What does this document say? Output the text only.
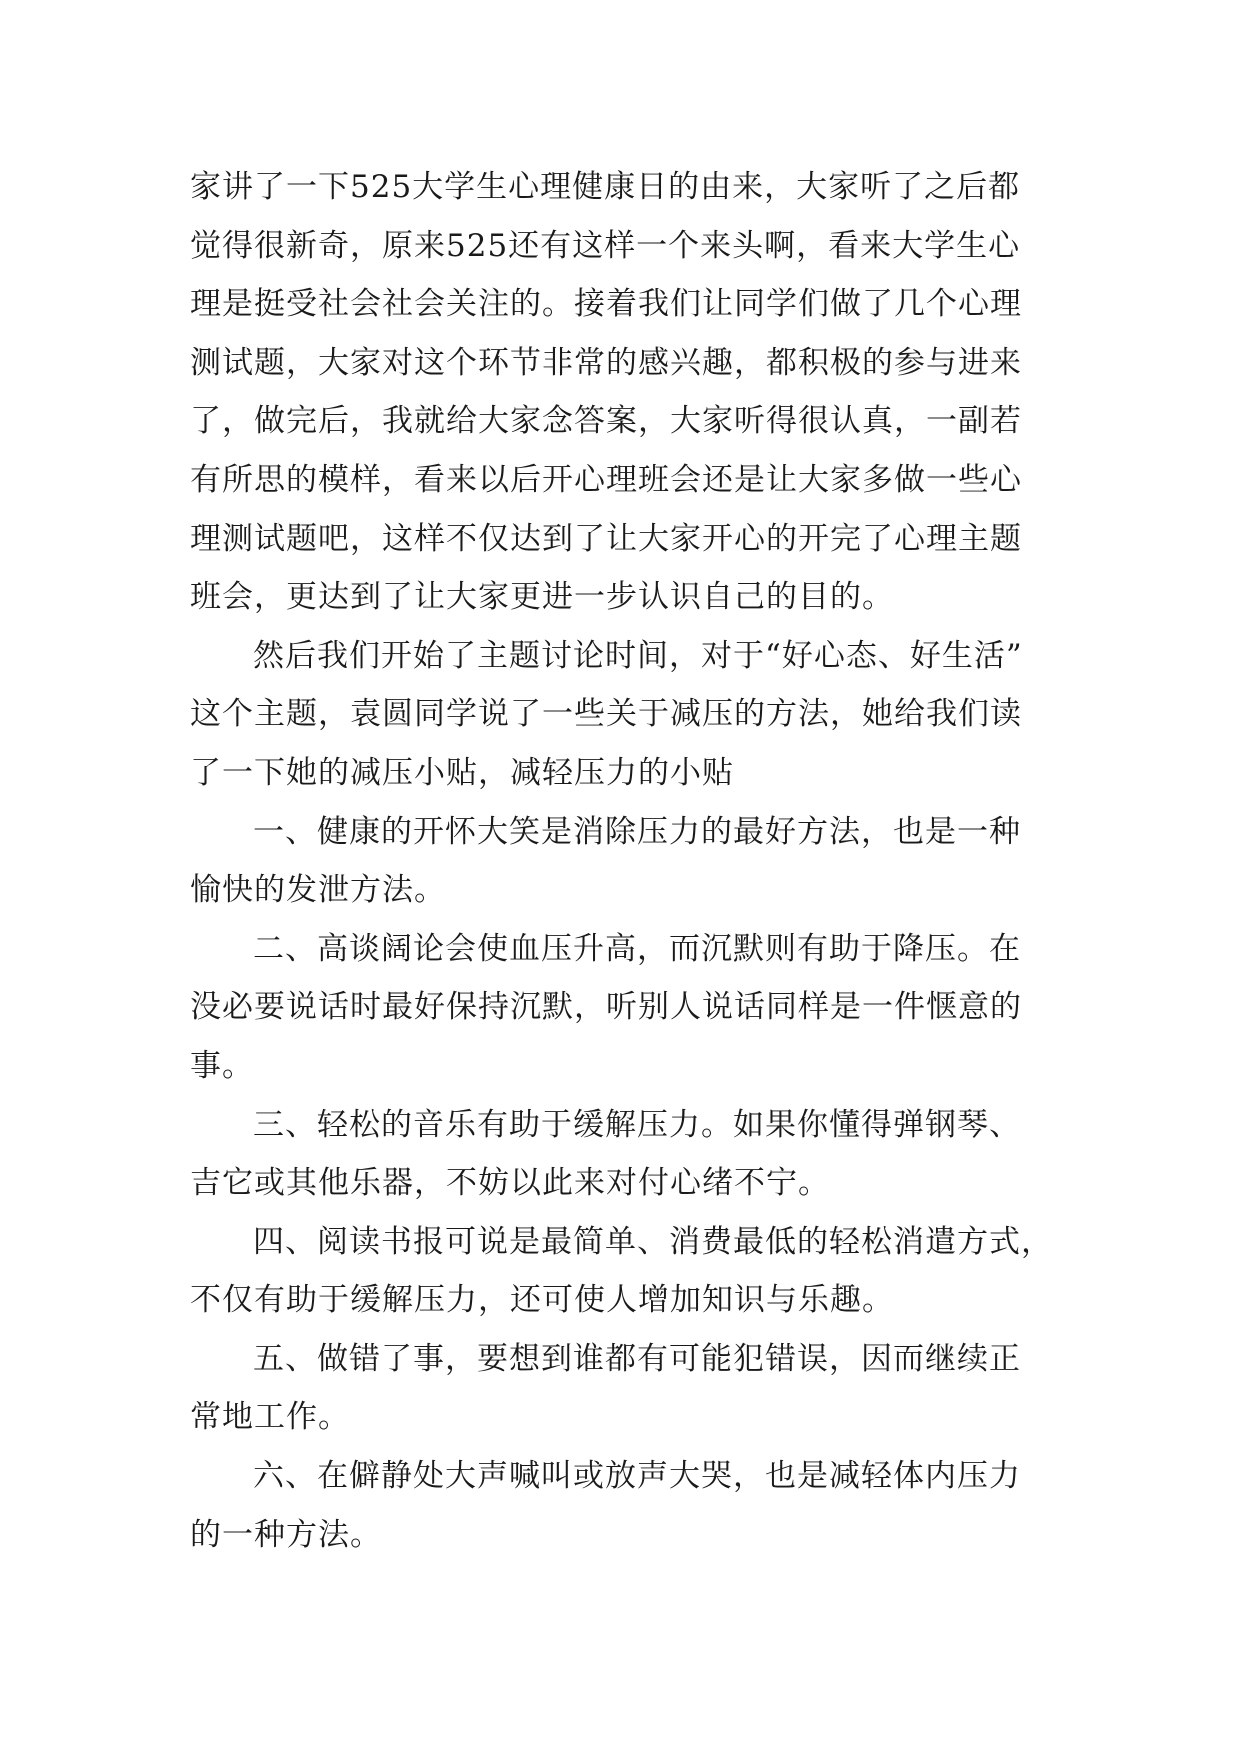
家讲了一下525大学生心理健康日的由来，大家听了之后都
觉得很新奇，原来525还有这样一个来头啊，看来大学生心
理是挺受社会社会关注的。接着我们让同学们做了几个心理
测试题，大家对这个环节非常的感兴趣，都积极的参与进来
了，做完后，我就给大家念答案，大家听得很认真，一副若
有所思的模样，看来以后开心理班会还是让大家多做一些心
理测试题吧，这样不仅达到了让大家开心的开完了心理主题
班会，更达到了让大家更进一步认识自己的目的。
然后我们开始了主题讨论时间，对于“好心态、好生活”
这个主题，袁圆同学说了一些关于减压的方法，她给我们读
了一下她的减压小贴，减轻压力的小贴
一、健康的开怀大笑是消除压力的最好方法，也是一种
愉快的发泄方法。
二、高谈阔论会使血压升高，而沉默则有助于降压。在
没必要说话时最好保持沉默，听别人说话同样是一件惬意的
事。
三、轻松的音乐有助于缓解压力。如果你懂得弹钢琴、
吉它或其他乐器，不妨以此来对付心绪不宁。
四、阅读书报可说是最简单、消费最低的轻松消遣方式，
不仅有助于缓解压力，还可使人增加知识与乐趣。
五、做错了事，要想到谁都有可能犯错误，因而继续正
常地工作。
六、在僻静处大声喊叫或放声大哭，也是减轻体内压力
的一种方法。
